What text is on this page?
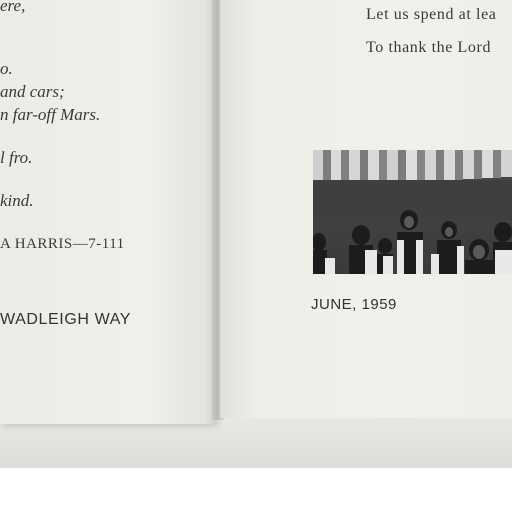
ere,

o.

and cars;

n far-off Mars.

l fro.

kind.

A HARRIS—7-111
WADLEIGH WAY
Let us spend at lea
To thank the Lord
JUNE, 1959
